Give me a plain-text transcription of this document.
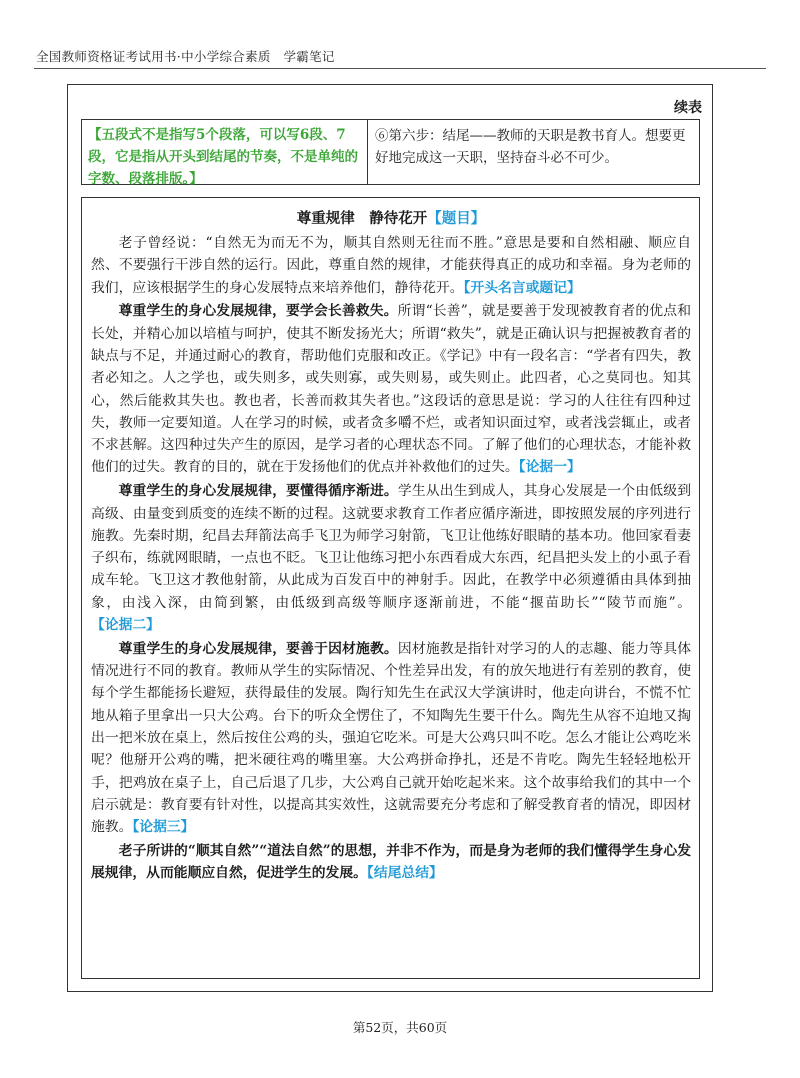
全国教师资格证考试用书·中小学综合素质　学霸笔记
续表
【五段式不是指写5个段落，可以写6段、7段，它是指从开头到结尾的节奏，不是单纯的字数、段落排版。】
⑥第六步：结尾——教师的天职是教书育人。想要更好地完成这一天职，坚持奋斗必不可少。
尊重规律　静待花开【题目】

老子曾经说：“自然无为而无不为，顺其自然则无往而不胜。”意思是要和自然相融、顺应自然、不要强行干涉自然的运行。因此，尊重自然的规律，才能获得真正的成功和幸福。身为老师的我们，应该根据学生的身心发展特点来培养他们，静待花开。【开头名言或题记】

尊重学生的身心发展规律，要学会长善救失。所谓“长善”，就是要善于发现被教育者的优点和长处，并精心加以培植与呵护，使其不断发扬光大；所谓“救失”，就是正确认识与把握被教育者的缺点与不足，并通过耐心的教育，帮助他们克服和改正。《学记》中有一段名言：“学者有四失，教者必知之。人之学也，或失则多，或失则寡，或失则易，或失则止。此四者，心之莫同也。知其心，然后能救其失也。教也者，长善而救其失者也。”这段话的意思是说：学习的人往往有四种过失，教师一定要知道。人在学习的时候，或者贪多嚼不烂，或者知识面过窄，或者浅尝辄止，或者不求甚解。这四种过失产生的原因，是学习者的心理状态不同。了解了他们的心理状态，才能补救他们的过失。教育的目的，就在于发扬他们的优点并补救他们的过失。【论据一】

尊重学生的身心发展规律，要懂得循序渐进。学生从出生到成人，其身心发展是一个由低级到高级、由量变到质变的连续不断的过程。这就要求教育工作者应循序渐进，即按照发展的序列进行施教。先秦时期，纪昌去拜箭法高手飞卫为师学习射箭，飞卫让他练好眼睛的基本功。他回家看妻子织布，练就网眼睛，一点也不眨。飞卫让他练习把小东西看成大东西，纪昌把头发上的小虱子看成车轮。飞卫这才教他射箭，从此成为百发百中的神射手。因此，在教学中必须遵循由具体到抽象，由浅入深，由简到繁，由低级到高级等顺序逐渐前进，不能“揠苗助长”“陵节而施”。【论据二】

尊重学生的身心发展规律，要善于因材施教。因材施教是指针对学习的人的志趣、能力等具体情况进行不同的教育。教师从学生的实际情况、个性差异出发，有的放矢地进行有差别的教育，使每个学生都能扬长避短，获得最佳的发展。陶行知先生在武汉大学演讲时，他走向讲台，不慌不忙地从箱子里拿出一只大公鸡。台下的听众全愣住了，不知陶先生要干什么。陶先生从容不迫地又掏出一把米放在桌上，然后按住公鸡的头，强迫它吃米。可是大公鸡只叫不吃。怎么才能让公鸡吃米呢？他掰开公鸡的嘴，把米硬往鸡的嘴里塞。大公鸡拼命挣扎，还是不肯吃。陶先生轻轻地松开手，把鸡放在桌子上，自己后退了几步，大公鸡自己就开始吃起米来。这个故事给我们的其中一个启示就是：教育要有针对性，以提高其实效性，这就需要充分考虑和了解受教育者的情况，即因材施教。【论据三】

老子所讲的“顺其自然”“道法自然”的思想，并非不作为，而是身为老师的我们懂得学生身心发展规律，从而能顺应自然，促进学生的发展。【结尾总结】

第52页，共60页
